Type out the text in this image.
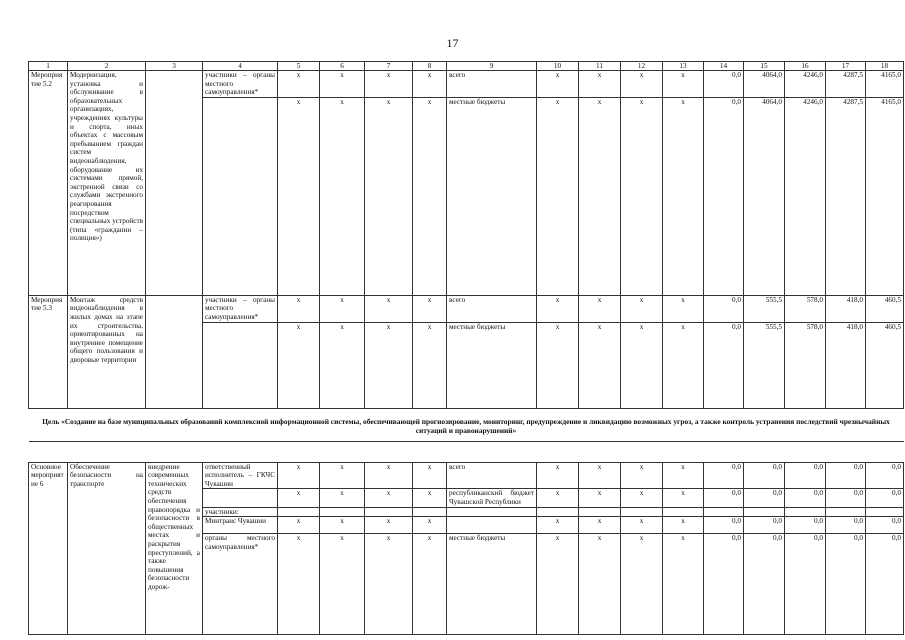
17
1	2	3	4	5	6	7	8	9	10	11	12	13	14	15	16	17	18
Мероприятие 5.2	Модернизация, установка и обслуживание в образовательных организациях, учреждениях культуры и спорта, иных объектах с массовым пребыванием граждан систем видеонаблюдения, оборудование их системами прямой, экстренной связи со службами экстренного реагирования посредством специальных устройств (типа «гражданин – полиция»)		участники – органы местного самоуправления*	x	x	x	x	всего	x	x	x	x	0,0	4064,0	4246,0	4287,5	4165,0
				x	x	x	x	местные бюджеты	x	x	x	x	0,0	4064,0	4246,0	4287,5	4165,0
Мероприятие 5.3	Монтаж средств видеонаблюдения в жилых домах на этапе их строительства, ориентированных на внутреннее помещение общего пользования и дворовые территории		участники – органы местного самоуправления*	x	x	x	x	всего	x	x	x	x	0,0	555,5	578,0	418,0	460,5
				x	x	x	x	местные бюджеты	x	x	x	x	0,0	555,5	578,0	418,0	460,5
Цель «Создание на базе муниципальных образований комплексной информационной системы, обеспечивающей прогнозирование, мониторинг, предупреждение и ликвидацию возможных угроз, а также контроль устранения последствий чрезвычайных ситуаций и правонарушений»																	

Основное мероприятие 6	Обеспечение безопасности на транспорте	внедрение современных технических средств обеспечения правопорядка и безопасности в общественных местах и раскрытия преступлений, а также повышения безопасности дорож-	ответственный исполнитель – ГКЧС Чувашии	x	x	x	x	всего	x	x	x	x	0,0	0,0	0,0	0,0	0,0
				x	x	x	x	республиканский бюджет Чувашской Республики	x	x	x	x	0,0	0,0	0,0	0,0	0,0
			участники:														
			Минтранс Чувашии	x	x	x	x		x	x	x	x	0,0	0,0	0,0	0,0	0,0
			органы местного самоуправления*	x	x	x	x	местные бюджеты	x	x	x	x	0,0	0,0	0,0	0,0	0,0
